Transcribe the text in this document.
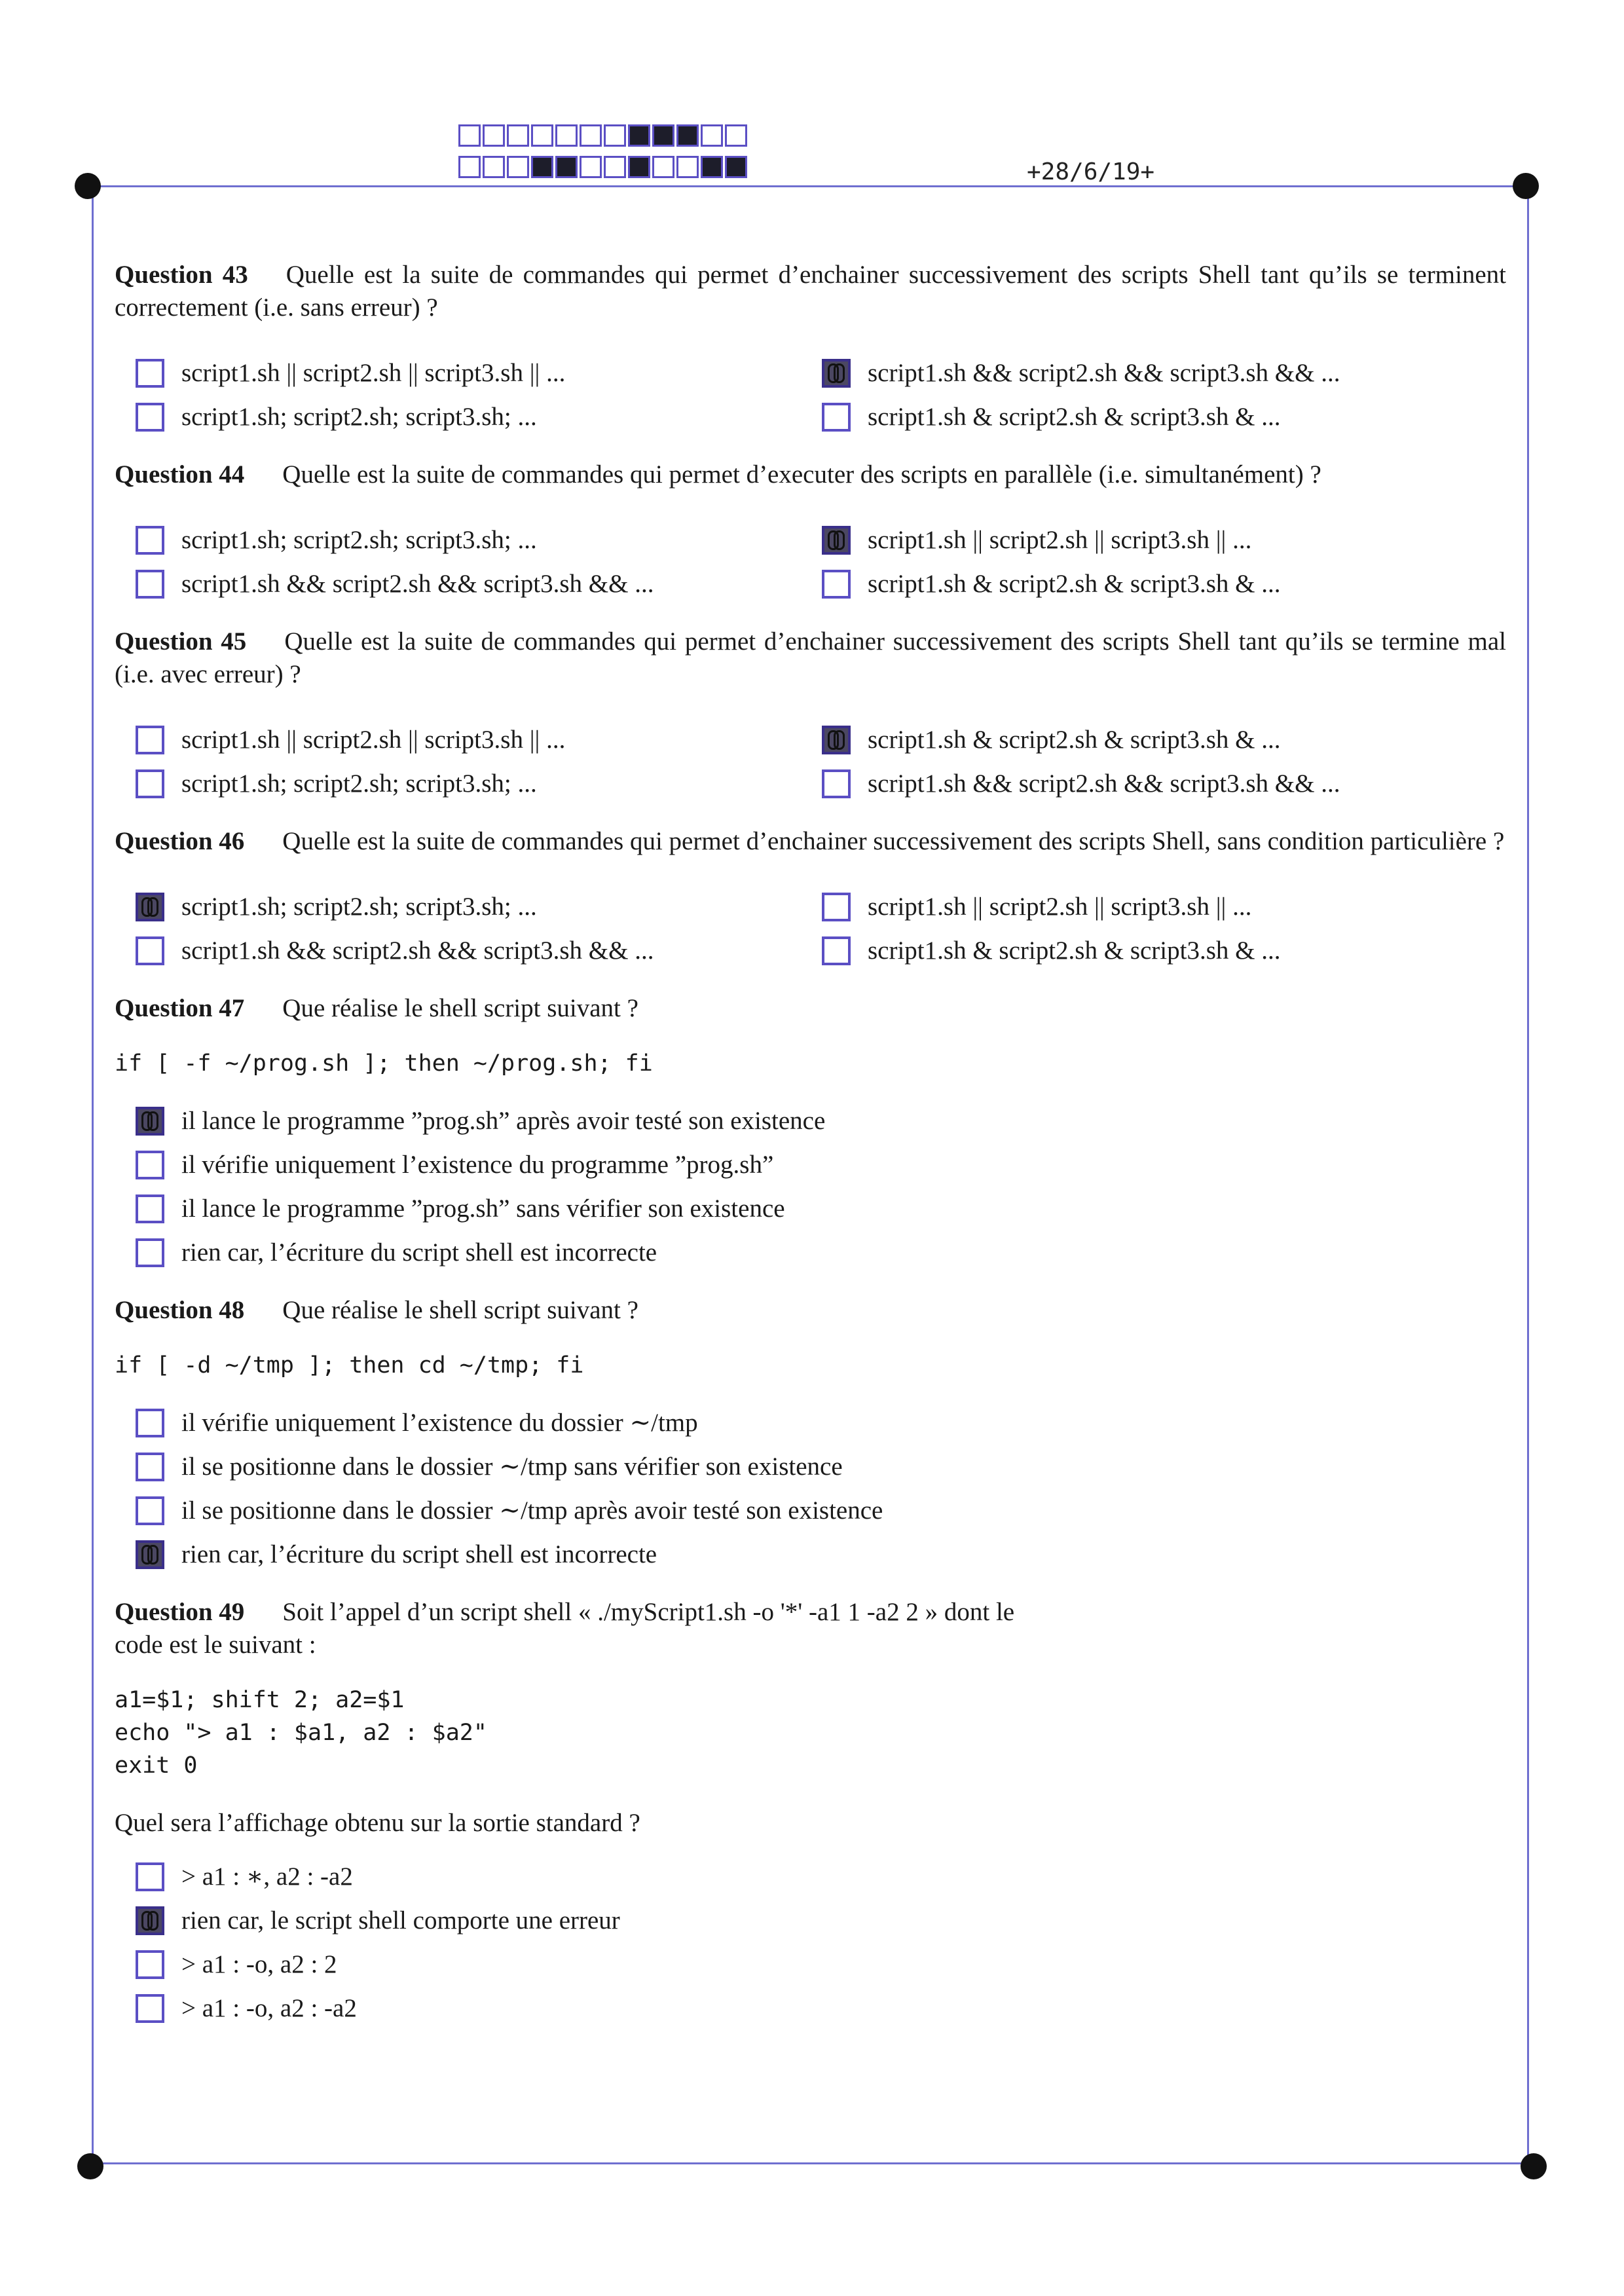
+28/6/19+

Question 43 Quelle est la suite de commandes qui permet d’enchainer successivement des scripts Shell tant qu’ils se terminent correctement (i.e. sans erreur) ?

script1.sh || script2.sh || script3.sh || ...	script1.sh && script2.sh && script3.sh && ...
script1.sh; script2.sh; script3.sh; ...	script1.sh & script2.sh & script3.sh & ...

Question 44 Quelle est la suite de commandes qui permet d’executer des scripts en parallèle (i.e. simultanément) ?

script1.sh; script2.sh; script3.sh; ...	script1.sh || script2.sh || script3.sh || ...
script1.sh && script2.sh && script3.sh && ...	script1.sh & script2.sh & script3.sh & ...

Question 45 Quelle est la suite de commandes qui permet d’enchainer successivement des scripts Shell tant qu’ils se termine mal (i.e. avec erreur) ?

script1.sh || script2.sh || script3.sh || ...	script1.sh & script2.sh & script3.sh & ...
script1.sh; script2.sh; script3.sh; ...	script1.sh && script2.sh && script3.sh && ...

Question 46 Quelle est la suite de commandes qui permet d’enchainer successivement des scripts Shell, sans condition particulière ?

script1.sh; script2.sh; script3.sh; ...	script1.sh || script2.sh || script3.sh || ...
script1.sh && script2.sh && script3.sh && ...	script1.sh & script2.sh & script3.sh & ...

Question 47 Que réalise le shell script suivant ?

if [ -f ~/prog.sh ]; then ~/prog.sh; fi
il lance le programme ”prog.sh” après avoir testé son existence
il vérifie uniquement l’existence du programme ”prog.sh”
il lance le programme ”prog.sh” sans vérifier son existence
rien car, l’écriture du script shell est incorrecte

Question 48 Que réalise le shell script suivant ?

if [ -d ~/tmp ]; then cd ~/tmp; fi
il vérifie uniquement l’existence du dossier ∼/tmp
il se positionne dans le dossier ∼/tmp sans vérifier son existence
il se positionne dans le dossier ∼/tmp après avoir testé son existence
rien car, l’écriture du script shell est incorrecte

Question 49 Soit l’appel d’un script shell « ./myScript1.sh -o '*' -a1 1 -a2 2 » dont le code est le suivant :

a1=$1; shift 2; a2=$1
echo "> a1 : $a1, a2 : $a2"
exit 0

Quel sera l’affichage obtenu sur la sortie standard ?

> a1 : ∗, a2 : -a2
rien car, le script shell comporte une erreur
> a1 : -o, a2 : 2
> a1 : -o, a2 : -a2
